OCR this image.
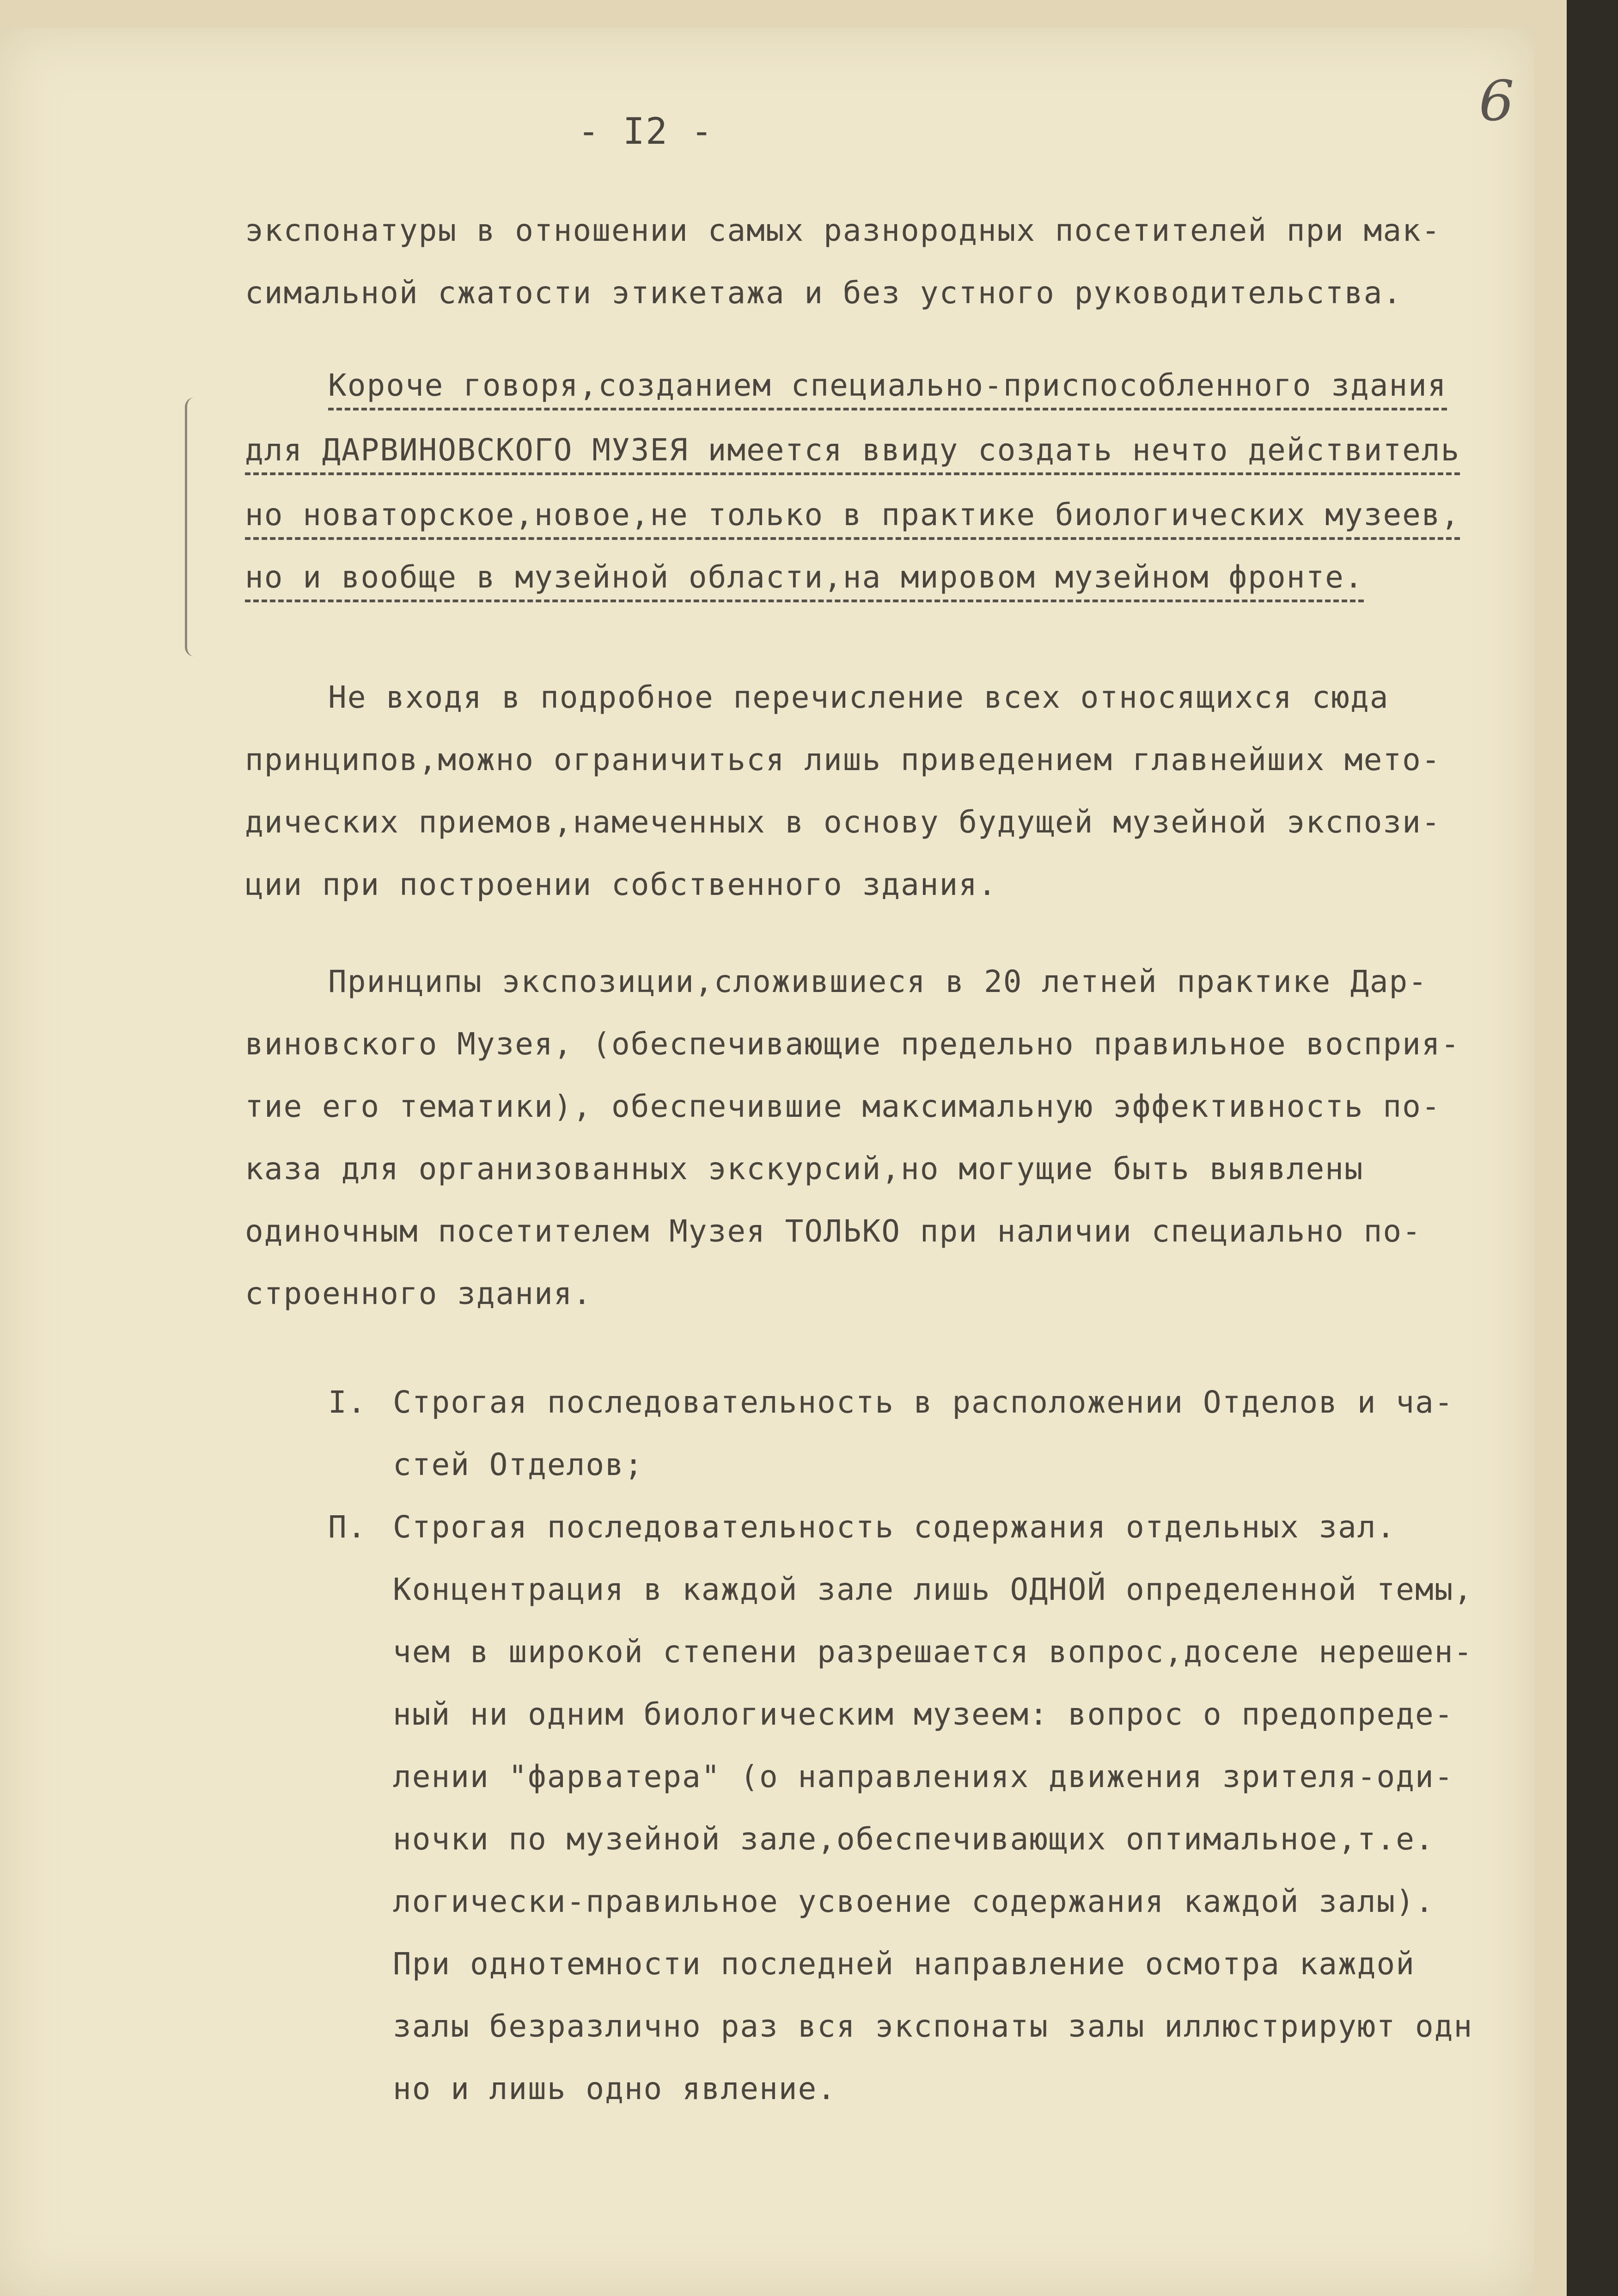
- I2 -	6

экспонатуры в отношении самых разнородных посетителей при мак-

симальной сжатости этикетажа и без устного руководительства.

Короче говоря,созданием специально-приспособленного здания

для ДАРВИНОВСКОГО МУЗЕЯ имеется ввиду создать нечто действитель

но новаторское,новое,не только в практике биологических музеев,

но и вообще в музейной области,на мировом музейном фронте.

Не входя в подробное перечисление всех относящихся сюда

принципов,можно ограничиться лишь приведением главнейших мето-

дических приемов,намеченных в основу будущей музейной экспози-

ции при построении собственного здания.

Принципы экспозиции,сложившиеся в 20 летней практике Дар-

виновского Музея, (обеспечивающие предельно правильное восприя-

тие его тематики), обеспечившие максимальную эффективность по-

каза для организованных экскурсий,но могущие быть выявлены

одиночным посетителем Музея ТОЛЬКО при наличии специально по-

строенного здания.

I. Строгая последовательность в расположении Отделов и ча-

стей Отделов;

П. Строгая последовательность содержания отдельных зал.

Концентрация в каждой зале лишь ОДНОЙ определенной темы,

чем в широкой степени разрешается вопрос,доселе нерешен-

ный ни одним биологическим музеем: вопрос о предопреде-

лении "фарватера" (о направлениях движения зрителя-оди-

ночки по музейной зале,обеспечивающих оптимальное,т.е.

логически-правильное усвоение содержания каждой залы).

При однотемности последней направление осмотра каждой

залы безразлично раз вся экспонаты залы иллюстрируют одн

но и лишь одно явление.
